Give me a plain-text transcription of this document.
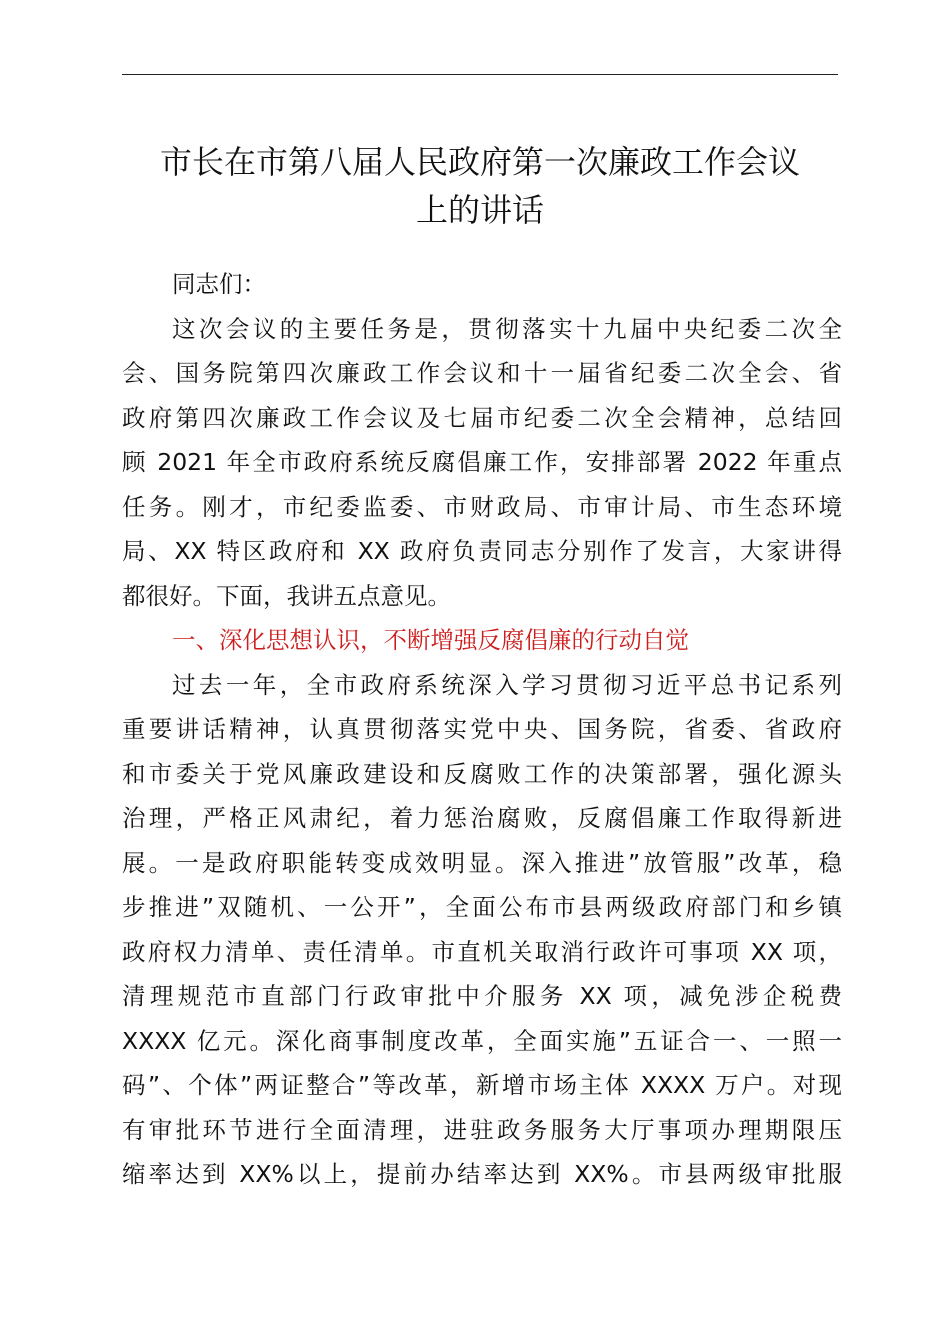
市长在市第八届人民政府第一次廉政工作会议
上的讲话
同志们：
这次会议的主要任务是，贯彻落实十九届中央纪委二次全
会、国务院第四次廉政工作会议和十一届省纪委二次全会、省
政府第四次廉政工作会议及七届市纪委二次全会精神，总结回
顾 2021 年全市政府系统反腐倡廉工作，安排部署 2022 年重点
任务。刚才，市纪委监委、市财政局、市审计局、市生态环境
局、XX 特区政府和 XX 政府负责同志分别作了发言，大家讲得
都很好。下面，我讲五点意见。
一、深化思想认识，不断增强反腐倡廉的行动自觉
过去一年，全市政府系统深入学习贯彻习近平总书记系列
重要讲话精神，认真贯彻落实党中央、国务院，省委、省政府
和市委关于党风廉政建设和反腐败工作的决策部署，强化源头
治理，严格正风肃纪，着力惩治腐败，反腐倡廉工作取得新进
展。一是政府职能转变成效明显。深入推进”放管服”改革，稳
步推进”双随机、一公开”，全面公布市县两级政府部门和乡镇
政府权力清单、责任清单。市直机关取消行政许可事项 XX 项，
清理规范市直部门行政审批中介服务 XX 项，减免涉企税费
XXXX 亿元。深化商事制度改革，全面实施”五证合一、一照一
码”、个体”两证整合”等改革，新增市场主体 XXXX 万户。对现
有审批环节进行全面清理，进驻政务服务大厅事项办理期限压
缩率达到 XX%以上，提前办结率达到 XX%。市县两级审批服
